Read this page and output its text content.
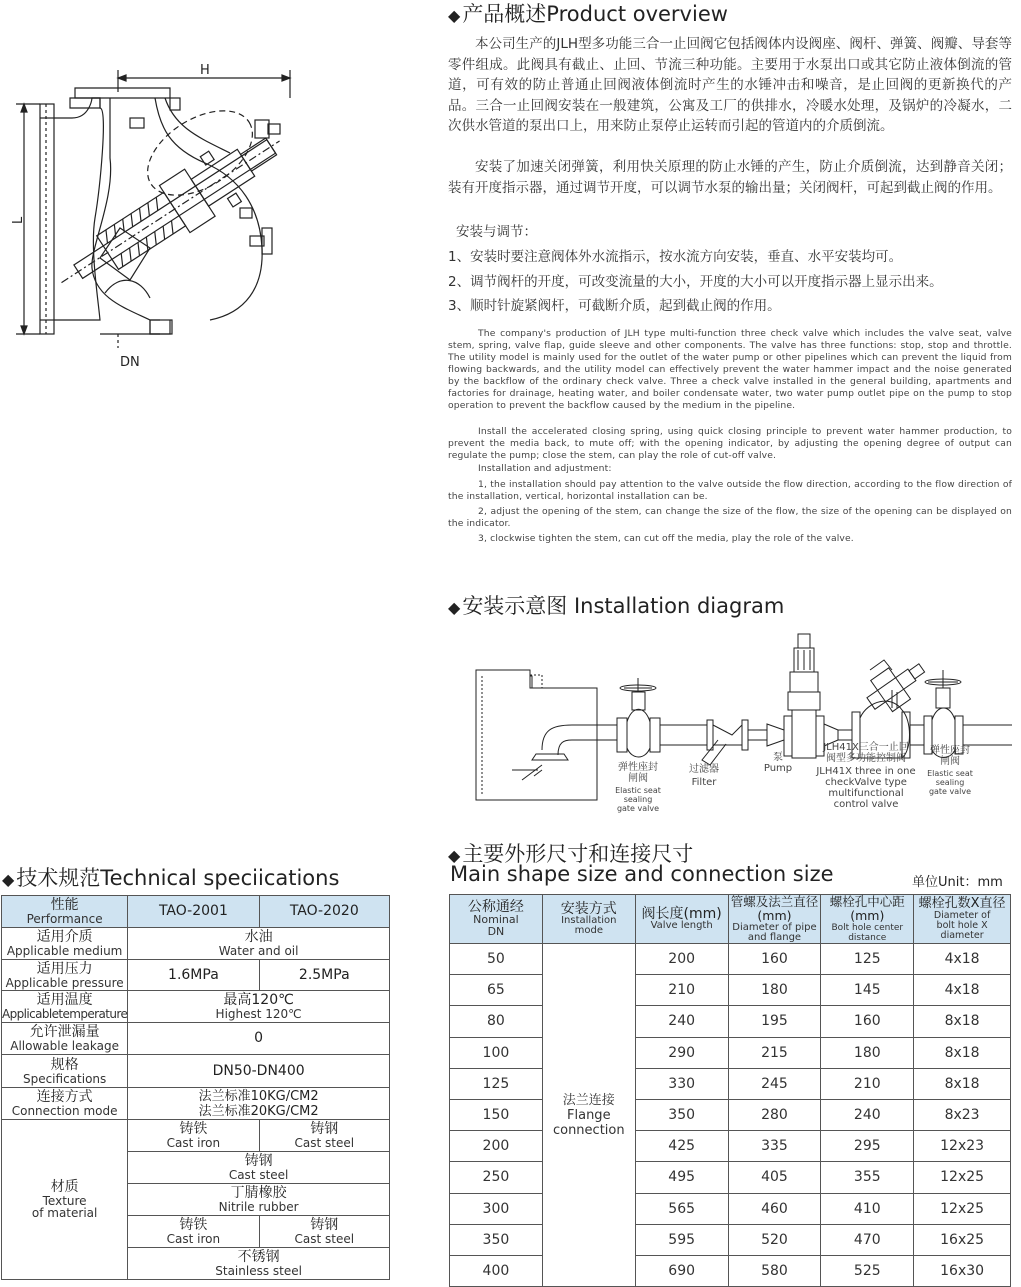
H
L
DN
◆产品概述Product overview
本公司生产的JLH型多功能三合一止回阀它包括阀体内设阀座、阀杆、弹簧、阀瓣、导套等零件组成。此阀具有截止、止回、节流三种功能。主要用于水泵出口或其它防止液体倒流的管道，可有效的防止普通止回阀液体倒流时产生的水锤冲击和噪音，是止回阀的更新换代的产品。三合一止回阀安装在一般建筑，公寓及工厂的供排水，冷暖水处理，及锅炉的冷凝水，二次供水管道的泵出口上，用来防止泵停止运转而引起的管道内的介质倒流。
安装了加速关闭弹簧，利用快关原理的防止水锤的产生，防止介质倒流，达到静音关闭；装有开度指示器，通过调节开度，可以调节水泵的输出量；关闭阀杆，可起到截止阀的作用。
安装与调节：
1、安装时要注意阀体外水流指示，按水流方向安装，垂直、水平安装均可。
2、调节阀杆的开度，可改变流量的大小，开度的大小可以开度指示器上显示出来。
3、顺时针旋紧阀杆，可截断介质，起到截止阀的作用。
The company's production of JLH type multi-function three check valve which includes the valve seat, valve stem, spring, valve flap, guide sleeve and other components. The valve has three functions: stop, stop and throttle. The utility model is mainly used for the outlet of the water pump or other pipelines which can prevent the liquid from flowing backwards, and the utility model can effectively prevent the water hammer impact and the noise generated by the backflow of the ordinary check valve. Three a check valve installed in the general building, apartments and factories for drainage, heating water, and boiler condensate water, two water pump outlet pipe on the pump to stop operation to prevent the backflow caused by the medium in the pipeline.
Install the accelerated closing spring, using quick closing principle to prevent water hammer production, to prevent the media back, to mute off; with the opening indicator, by adjusting the opening degree of output can regulate the pump; close the stem, can play the role of cut-off valve.
Installation and adjustment:
1, the installation should pay attention to the valve outside the flow direction, according to the flow direction of the installation, vertical, horizontal installation can be.
2, adjust the opening of the stem, can change the size of the flow, the size of the opening can be displayed on the indicator.
3, clockwise tighten the stem, can cut off the media, play the role of the valve.
◆安装示意图 Installation diagram
弹性座封
闸阀
Elastic seat
sealing
gate valve
过滤器
Filter
泵
Pump
JLH41X三合一止回
阀型多功能控制阀
JLH41X three in one
checkValve type
multifunctional
control valve
弹性座封
闸阀
Elastic seat
sealing
gate valve
◆技术规范Technical speciications
性能
Performance	TAO-2001	TAO-2020

适用介质
Applicable medium	水油
Water and oil	

适用压力
Applicable pressure	1.6MPa	2.5MPa

适用温度
Applicabletemperature	最高120℃
Highest 120℃	

允许泄漏量
Allowable leakage	0	

规格
Specifications	DN50-DN400	

连接方式
Connection mode	法兰标准10KG/CM2
法兰标准20KG/CM2	

材质
Texture
of material	铸铁
Cast iron	铸钢
Cast steel

	铸钢
Cast steel	

	丁腈橡胶
Nitrile rubber	

	铸铁
Cast iron	铸钢
Cast steel

	不锈钢
Stainless steel	
◆主要外形尺寸和连接尺寸
Main shape size and connection size	单位Unit：mm
公称通经
Nominal
DN	安装方式
Installation
mode	阀长度(mm)
Valve length	管螺及法兰直径(mm)
Diameter of pipe
and flange	螺栓孔中心距(mm)
Bolt hole center
distance	螺栓孔数X直径
Diameter of
bolt hole X diameter

50	法兰连接
Flange
connection	200	160	125	4x18
65		210	180	145	4x18
80		240	195	160	8x18
100		290	215	180	8x18
125		330	245	210	8x18
150		350	280	240	8x23
200		425	335	295	12x23
250		495	405	355	12x25
300		565	460	410	12x25
350		595	520	470	16x25
400		690	580	525	16x30
